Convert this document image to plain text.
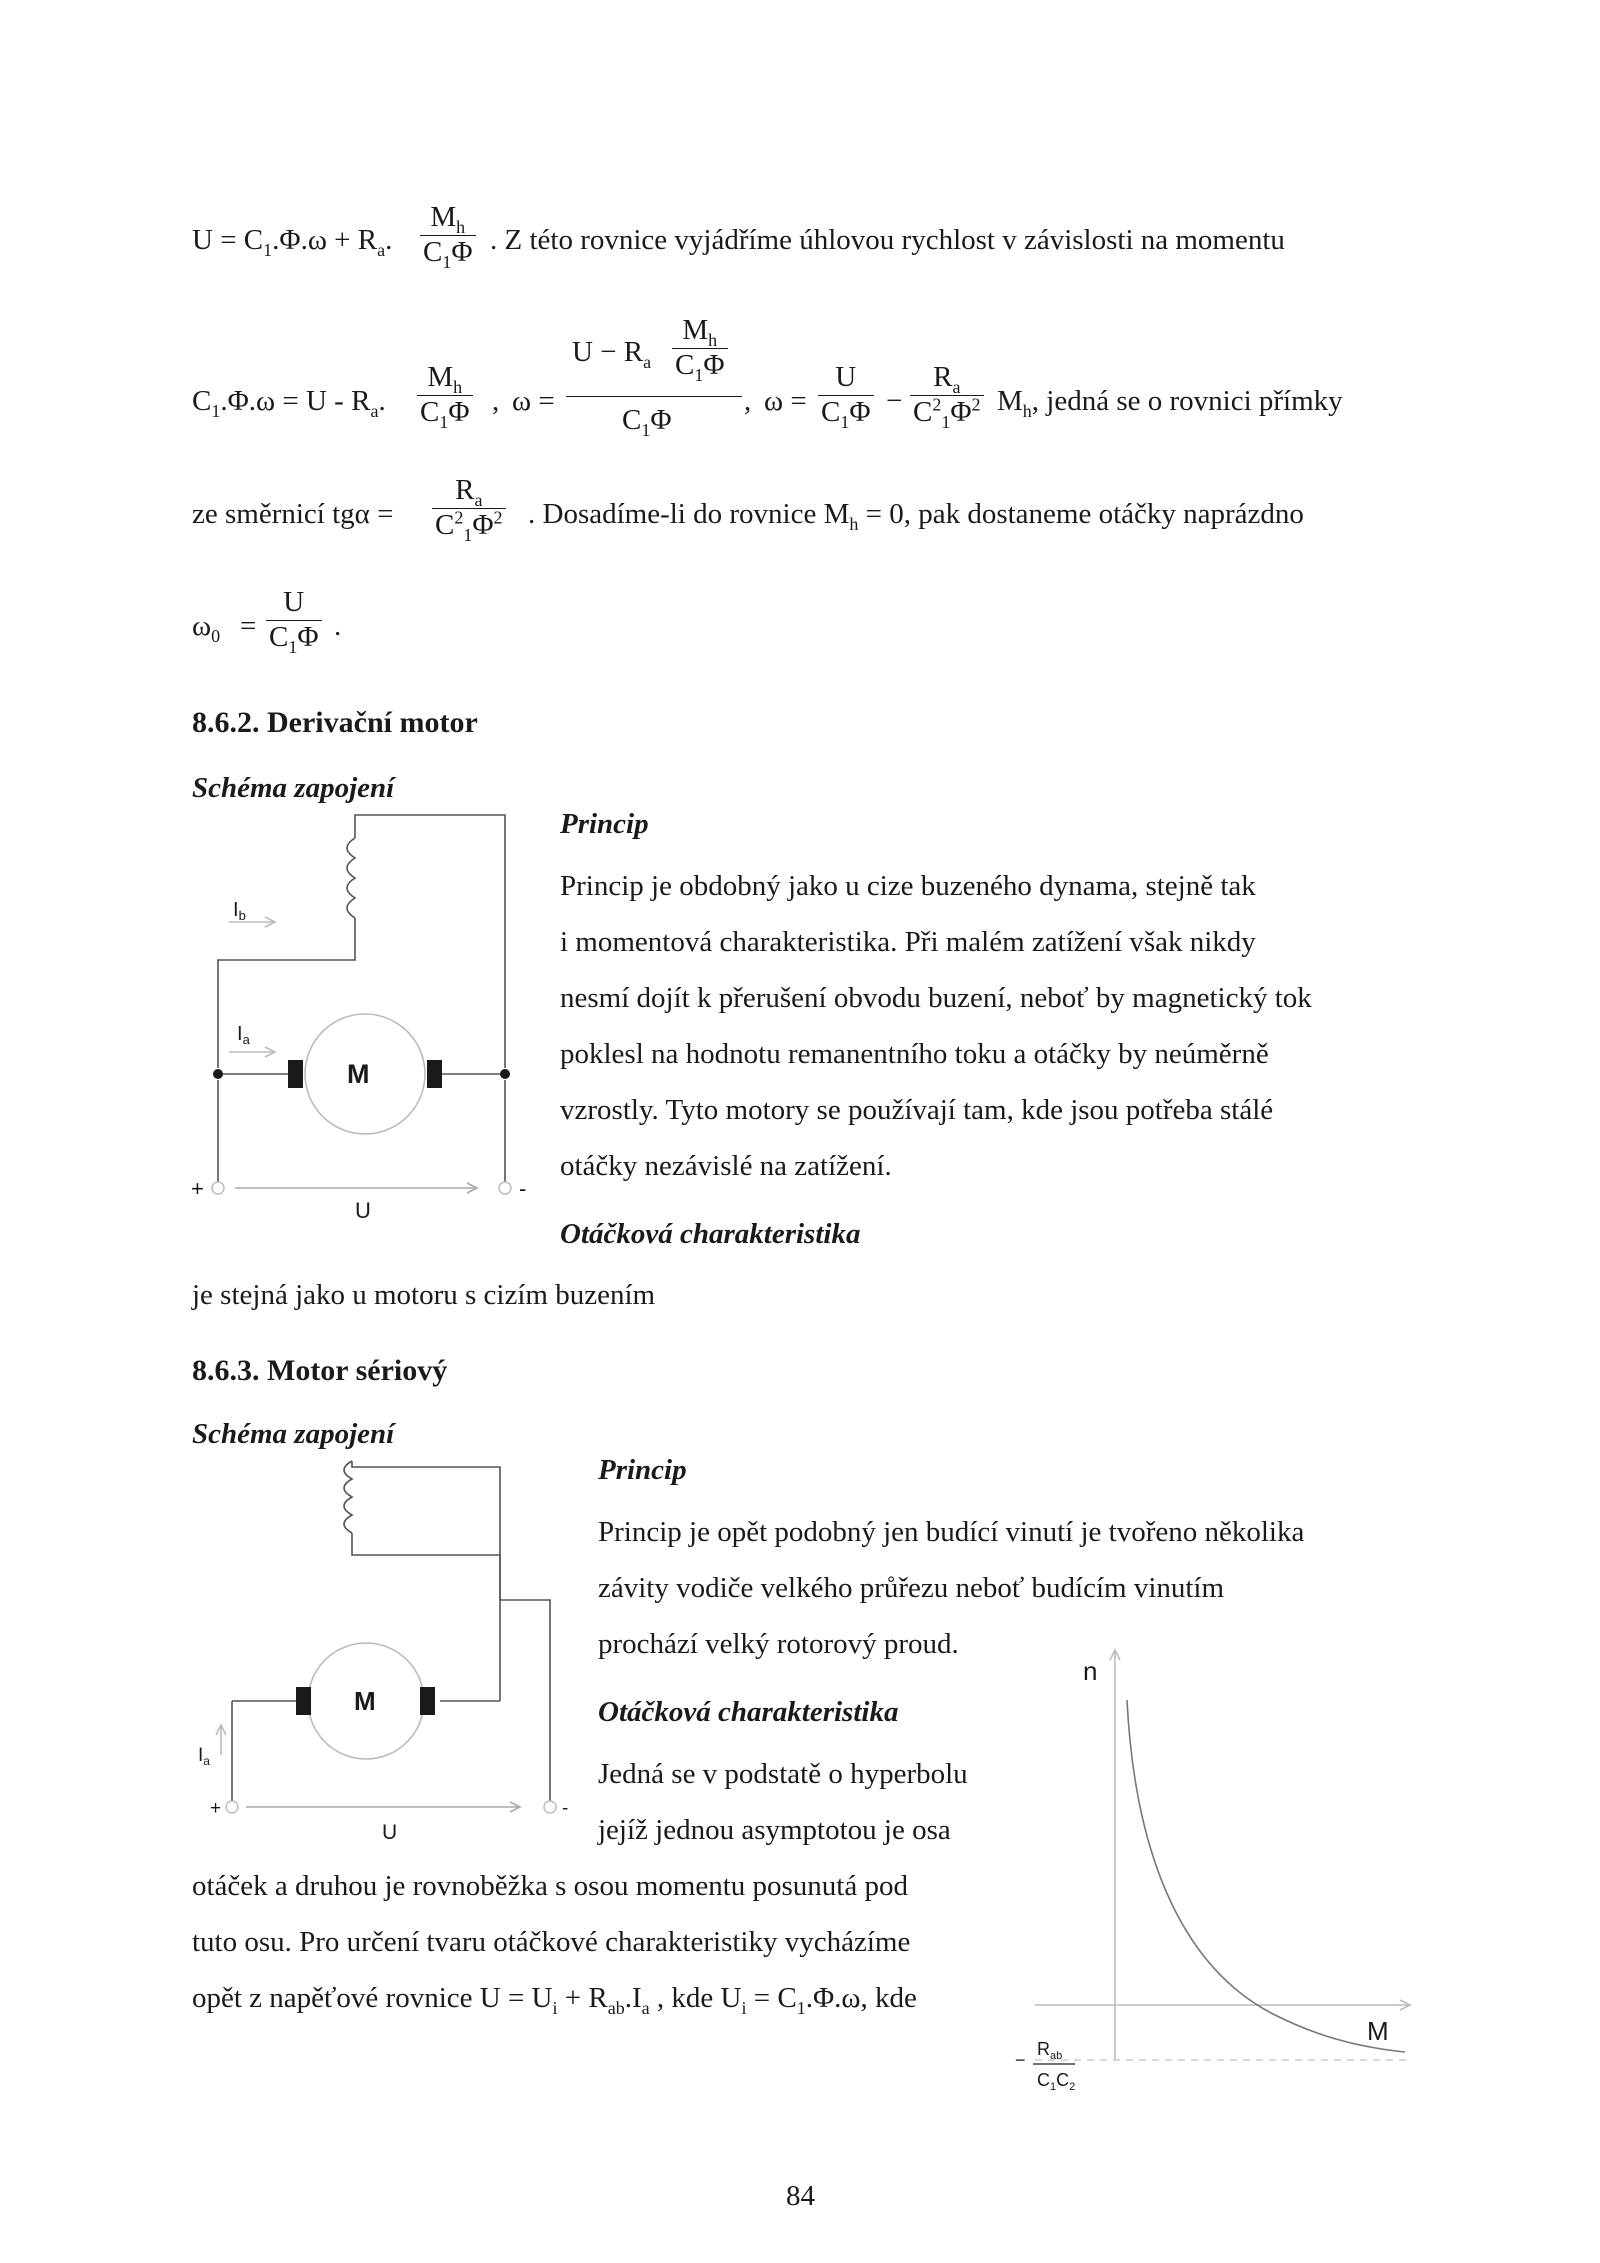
$U = C_1.\Phi.\omega + R_a$.
$M_h$
$C_1\Phi$ . Z této rovnice vyjádříme úhlovou rychlost v závislosti na momentu
$C_1.\Phi.\omega = U - R_a$.
$M_h$
$C_1\Phi$ , ω =
$U - R_a$
$M_h$
$C_1\Phi$
$C_1\Phi$
, ω =
U
$C_1\Phi$ −
$R_a$
$C^2_1\Phi^2$ $M_h$, jedná se o rovnici přímky
ze směrnicí tgα =
$R_a$
$C^2_1\Phi^2$ . Dosadíme-li do rovnice $M_h = 0$, pak dostaneme otáčky naprázdno
$\omega_0$ =
U
$C_1\Phi$ .
8.6.2. Derivační motor
Schéma zapojení
Princip
Princip je obdobný jako u cize buzeného dynama, stejně tak
i momentová charakteristika. Při malém zatížení však nikdy
nesmí dojít k přerušení obvodu buzení, neboť by magnetický tok
poklesl na hodnotu remanentního toku a otáčky by neúměrně
vzrostly. Tyto motory se používají tam, kde jsou potřeba stálé
otáčky nezávislé na zatížení.
Otáčková charakteristika
je stejná jako u motoru s cizím buzením
$I_b$
$I_a$
M
+	-
U
8.6.3. Motor sériový
Schéma zapojení
Princip
Princip je opět podobný jen budící vinutí je tvořeno několika
závity vodiče velkého průřezu neboť budícím vinutím
prochází velký rotorový proud.
Otáčková charakteristika
Jedná se v podstatě o hyperbolu
jejíž jednou asymptotou je osa
otáček a druhou je rovnoběžka s osou momentu posunutá pod
tuto osu. Pro určení tvaru otáčkové charakteristiky vycházíme
opět z napěťové rovnice $U = U_i + R_{ab}.I_a$ , kde $U_i = C_1.\Phi.\omega$, kde
$I_a$
M
+	-
U
n
M
−
$R_{ab}$
$C_1C_2$
84
